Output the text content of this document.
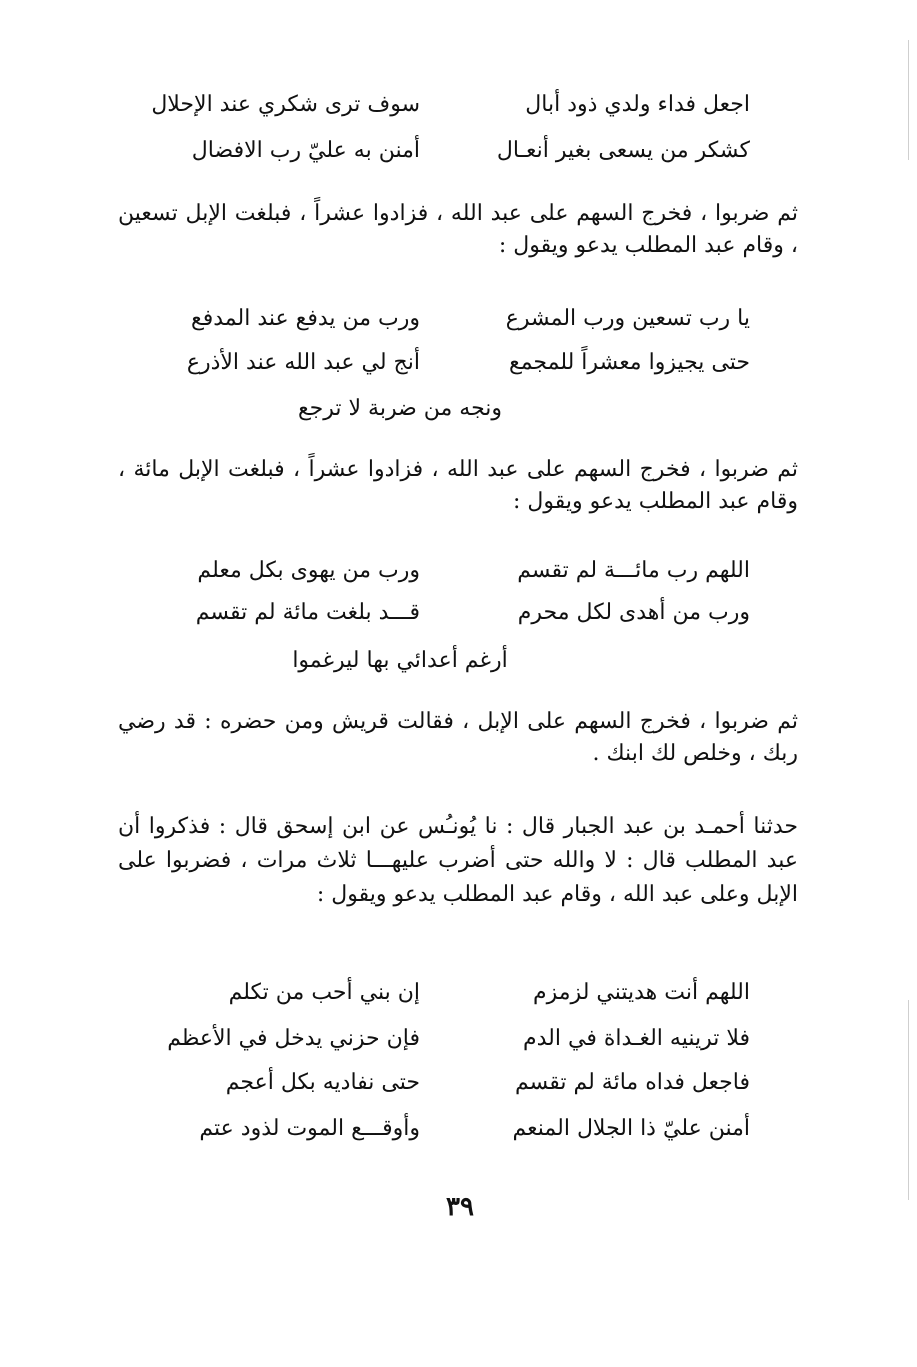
اجعل فداء ولدي ذود أبال
سوف ترى شكري عند الإحلال
كشكر من يسعى بغير أنعـال
أمنن به عليّ رب الافضال
ثم ضربوا ، فخرج السهم على عبد الله ، فزادوا عشراً ، فبلغت الإبل تسعين ، وقام عبد المطلب يدعو ويقول :
يا رب تسعين ورب المشرع
ورب من يدفع عند المدفع
حتى يجيزوا معشراً للمجمع
أنج لي عبد الله عند الأذرع
ونجه من ضربة لا ترجع
ثم ضربوا ، فخرج السهم على عبد الله ، فزادوا عشراً ، فبلغت الإبل مائة ، وقام عبد المطلب يدعو ويقول :
اللهم رب مائـــة لم تقسم
ورب من يهوى بكل معلم
ورب من أهدى لكل محرم
قـــد بلغت مائة لم تقسم
أرغم أعدائي بها ليرغموا
ثم ضربوا ، فخرج السهم على الإبل ، فقالت قريش ومن حضره : قد رضي ربك ، وخلص لك ابنك .
حدثنا أحمـد بن عبد الجبار قال : نا يُونـُس عن ابن إسحق قال : فذكروا أن عبد المطلب قال : لا والله حتى أضرب عليهـــا ثلاث مرات ، فضربوا على الإبل وعلى عبد الله ، وقام عبد المطلب يدعو ويقول :
اللهم أنت هديتني لزمزم
إن بني أحب من تكلم
فلا ترينيه الغـداة في الدم
فإن حزني يدخل في الأعظم
فاجعل فداه مائة لم تقسم
حتى نفاديه بكل أعجم
أمنن عليّ ذا الجلال المنعم
وأوقـــع الموت لذود عتم
٣٩
